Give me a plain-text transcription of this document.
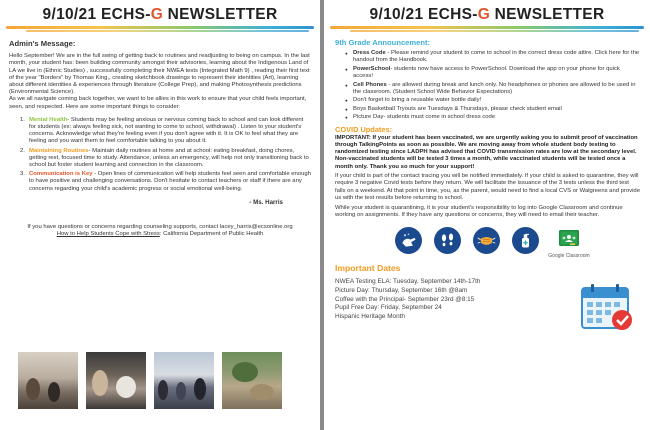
9/10/21 ECHS-G NEWSLETTER
Admin's Message:

Hello September! We are in the full swing of getting back to routines and readjusting to being on campus. In the last month, your student has: been building community amongst their advisories, learning about the Indigenous Land of LA we live in (Ethnic Studies) , successfully completing their NWEA tests (Integrated Math 9) , reading their first text of the year "Borders" by Thomas King,, creating sketchbook drawings to represent their identities (Art), learning about different identities & experiences through literature (College Prep), and making Photosynthesis predictions (Environmental Science).

As we all navigate coming back together, we want to be allies in this work to ensure that your child feels important, seen, and respected. Here are some important things to consider:

1. Mental Health- Students may be feeling anxious or nervous coming back to school and can look different for students (ex: always feeling sick, not wanting to come to school, withdrawal) . Listen to your student's concerns. Acknowledge what they're feeling even if you don't agree with it. It is OK to feel what they are feeling and you want them to feel comfortable talking to you about it.
2. Maintaining Routines- Maintain daily routines at home and at school: eating breakfast, doing chores, getting rest, focused time to study. Attendance, unless an emergency, will help not only transitioning back to school but foster student learning and connection in the classroom.
3. Communication is Key - Open lines of communication will help students feel seen and comfortable enough to have positive and challenging conversations. Don't hesitate to contact teachers or staff if there are any concerns regarding your child's academic progress or social emotional well-being.
- Ms. Harris
If you have questions or concerns regarding counseling supports, contact lacey_harris@ecsonline.org
How to Help Students Cope with Stress: California Department of Public Health
9/10/21 ECHS-G NEWSLETTER
9th Grade Announcement:
● Dress Code - Please remind your student to come to school in the correct dress code attire. Click here for the handout from the Handbook.
● PowerSchool- students now have access to PowerSchool. Download the app on your phone for quick access!
● Cell Phones - are allowed during break and lunch only. No headphones or phones are allowed to be used in the classroom. (Student School Wide Behavior Expectations)
● Don't forget to bring a reusable water bottle daily!
● Boys Basketball Tryouts are Tuesdays & Thursdays, please check student email
● Picture Day- students must come in school dress code
COVID Updates:

IMPORTANT: If your student has been vaccinated, we are urgently asking you to submit proof of vaccination through TalkingPoints as soon as possible. We are moving away from whole student body testing to randomized testing since LADPH has advised that COVID transmission rates are low at the secondary level. Non-vaccinated students will be tested 3 times a month, while vaccinated students will be tested once a month only. Thank you so much for your support!

If your child is part of the contact tracing you will be notified immediately. If your child is asked to quarantine, they will require 3 negative Covid tests before they return. We will facilitate the issuance of the 3 tests unless the third test falls on a weekend. At that point in time, you, as the parent, would need to find a local CVS or Walgreens and provide us with the test results before returning to school.

While your student is quarantining, it is your student's responsibility to log into Google Classroom and continue working on assignments. If they have any questions or concerns, they will need to email their teacher.

Google Classroom
Important Dates
NWEA Testing ELA: Tuesday, September 14th-17th
Picture Day: Thursday, September 16th @8am
Coffee with the Principal- September 23rd @8:15
Pupil Free Day: Friday, September 24
Hispanic Heritage Month
